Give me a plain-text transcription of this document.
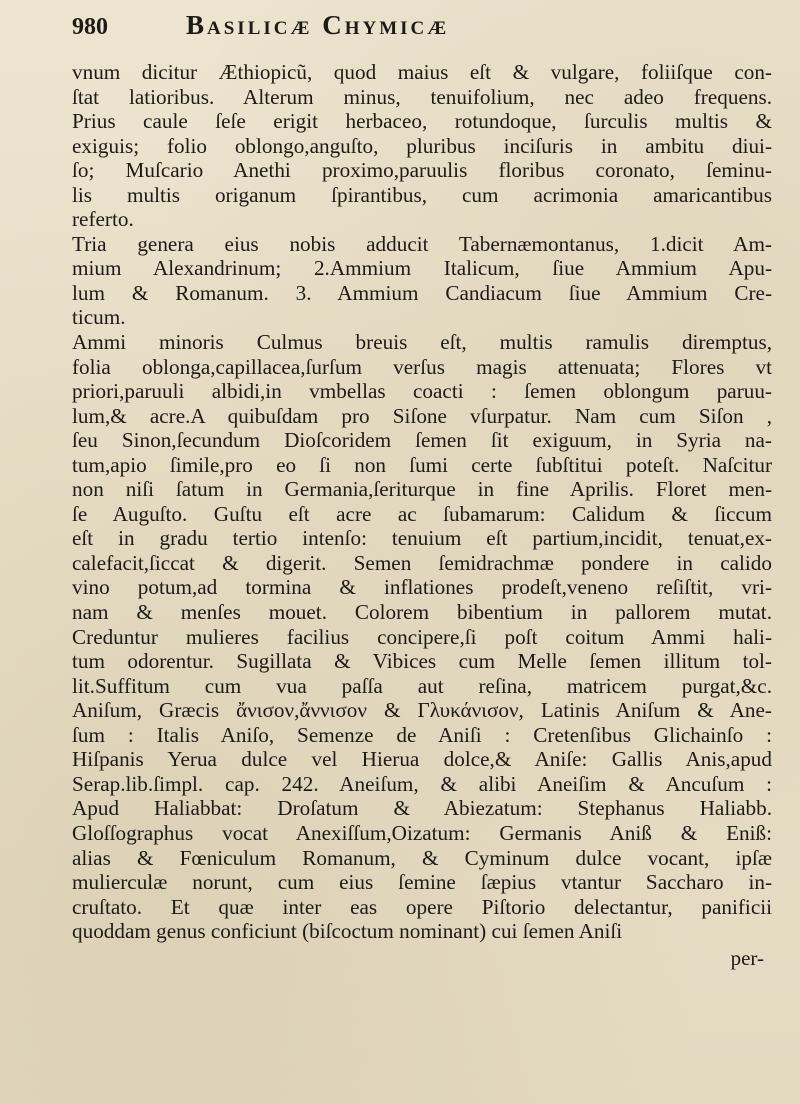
980	Basilicæ Chymicæ
vnum dicitur Æthiopicũ, quod maius eſt & vulgare, foliiſque con-
ſtat latioribus. Alterum minus, tenuifolium, nec adeo frequens.
Prius caule ſeſe erigit herbaceo, rotundoque, ſurculis multis &
exiguis; folio oblongo,anguſto, pluribus inciſuris in ambitu diui-
ſo; Muſcario Anethi proximo,paruulis floribus coronato, ſeminu-
lis multis origanum ſpirantibus, cum acrimonia amaricantibus
referto.
Tria genera eius nobis adducit Tabernæmontanus, 1.dicit Am-
mium Alexandrinum; 2.Ammium Italicum, ſiue Ammium Apu-
lum & Romanum. 3. Ammium Candiacum ſiue Ammium Cre-
ticum.
Ammi minoris Culmus breuis eſt, multis ramulis diremptus,
folia oblonga,capillacea,ſurſum verſus magis attenuata; Flores vt
priori,paruuli albidi,in vmbellas coacti : ſemen oblongum paruu-
lum,& acre.A quibuſdam pro Siſone vſurpatur. Nam cum Siſon ,
ſeu Sinon,ſecundum Dioſcoridem ſemen ſit exiguum, in Syria na-
tum,apio ſimile,pro eo ſi non ſumi certe ſubſtitui poteſt. Naſcitur
non niſi ſatum in Germania,ſeriturque in fine Aprilis. Floret men-
ſe Auguſto. Guſtu eſt acre ac ſubamarum: Calidum & ſiccum
eſt in gradu tertio intenſo: tenuium eſt partium,incidit, tenuat,ex-
calefacit,ſiccat & digerit. Semen ſemidrachmæ pondere in calido
vino potum,ad tormina & inflationes prodeſt,veneno reſiſtit, vri-
nam & menſes mouet. Colorem bibentium in pallorem mutat.
Creduntur mulieres facilius concipere,ſi poſt coitum Ammi hali-
tum odorentur. Sugillata & Vibices cum Melle ſemen illitum tol-
lit.Suffitum cum vua paſſa aut reſina, matricem purgat,&c.
Aniſum, Græcis ἄνισον,ἄννισον & Γλυκάνισον, Latinis Aniſum & Ane-
ſum : Italis Aniſo, Semenze de Aniſi : Cretenſibus Glichainſo :
Hiſpanis Yerua dulce vel Hierua dolce,& Aniſe: Gallis Anis,apud
Serap.lib.ſimpl. cap. 242. Aneiſum, & alibi Aneiſim & Ancuſum :
Apud Haliabbat: Droſatum & Abiezatum: Stephanus Haliabb.
Gloſſographus vocat Anexiſſum,Oizatum: Germanis Aniß & Eniß:
alias & Fœniculum Romanum, & Cyminum dulce vocant, ipſæ
mulierculæ norunt, cum eius ſemine ſæpius vtantur Saccharo in-
cruſtato. Et quæ inter eas opere Piſtorio delectantur, panificii
quoddam genus conficiunt (biſcoctum nominant) cui ſemen Aniſi
per-
